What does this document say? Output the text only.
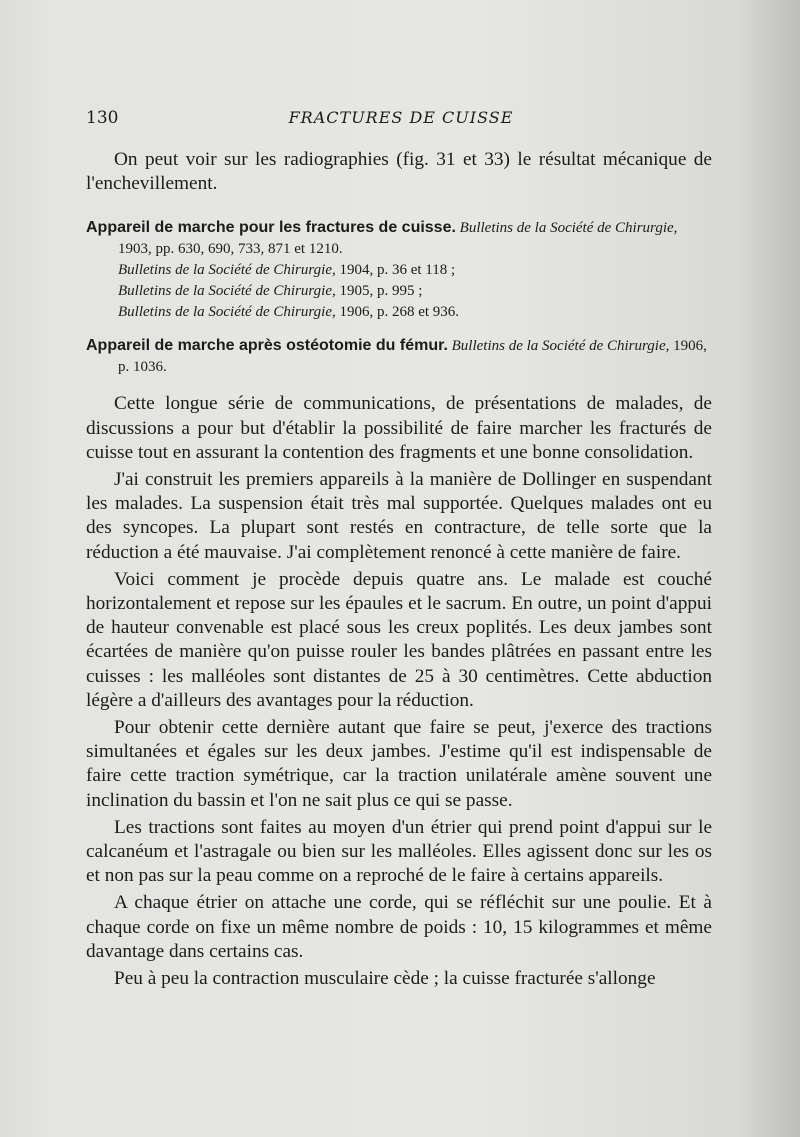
130	FRACTURES DE CUISSE

On peut voir sur les radiographies (fig. 31 et 33) le résultat mécanique de l'enchevillement.

Appareil de marche pour les fractures de cuisse. Bulletins de la Société de Chirurgie, 1903, pp. 630, 690, 733, 871 et 1210.

Bulletins de la Société de Chirurgie, 1904, p. 36 et 118 ;
Bulletins de la Société de Chirurgie, 1905, p. 995 ;
Bulletins de la Société de Chirurgie, 1906, p. 268 et 936.

Appareil de marche après ostéotomie du fémur. Bulletins de la Société de Chirurgie, 1906, p. 1036.

Cette longue série de communications, de présentations de malades, de discussions a pour but d'établir la possibilité de faire marcher les fracturés de cuisse tout en assurant la contention des fragments et une bonne consolidation.

J'ai construit les premiers appareils à la manière de Dollinger en suspendant les malades. La suspension était très mal supportée. Quelques malades ont eu des syncopes. La plupart sont restés en contracture, de telle sorte que la réduction a été mauvaise. J'ai complètement renoncé à cette manière de faire.

Voici comment je procède depuis quatre ans. Le malade est couché horizontalement et repose sur les épaules et le sacrum. En outre, un point d'appui de hauteur convenable est placé sous les creux poplités. Les deux jambes sont écartées de manière qu'on puisse rouler les bandes plâtrées en passant entre les cuisses : les malléoles sont distantes de 25 à 30 centimètres. Cette abduction légère a d'ailleurs des avantages pour la réduction.

Pour obtenir cette dernière autant que faire se peut, j'exerce des tractions simultanées et égales sur les deux jambes. J'estime qu'il est indispensable de faire cette traction symétrique, car la traction unilatérale amène souvent une inclination du bassin et l'on ne sait plus ce qui se passe.

Les tractions sont faites au moyen d'un étrier qui prend point d'appui sur le calcanéum et l'astragale ou bien sur les malléoles. Elles agissent donc sur les os et non pas sur la peau comme on a reproché de le faire à certains appareils.

A chaque étrier on attache une corde, qui se réfléchit sur une poulie. Et à chaque corde on fixe un même nombre de poids : 10, 15 kilogrammes et même davantage dans certains cas.

Peu à peu la contraction musculaire cède ; la cuisse fracturée s'allonge
